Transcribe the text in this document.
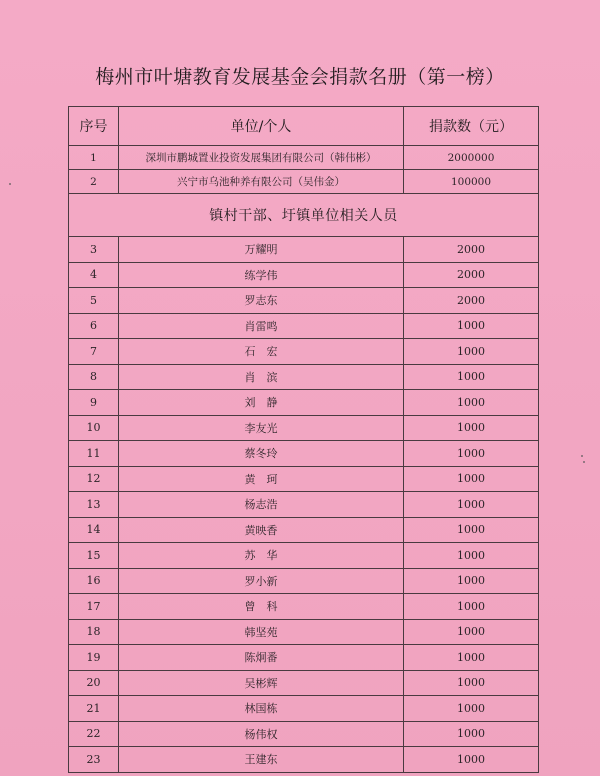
梅州市叶塘教育发展基金会捐款名册（第一榜）
序号	单位/个人	捐款数（元）
1	深圳市鹏城置业投资发展集团有限公司（韩伟彬）	2000000
2	兴宁市乌池种养有限公司（吴伟金）	100000
镇村干部、圩镇单位相关人员		
3	万耀明	2000
4	练学伟	2000
5	罗志东	2000
6	肖雷鸣	1000
7	石　宏	1000
8	肖　滨	1000
9	刘　静	1000
10	李友光	1000
11	蔡冬玲	1000
12	黄　珂	1000
13	杨志浩	1000
14	黄映香	1000
15	苏　华	1000
16	罗小新	1000
17	曾　科	1000
18	韩坚苑	1000
19	陈炯番	1000
20	吴彬辉	1000
21	林国栋	1000
22	杨伟权	1000
23	王建东	1000
